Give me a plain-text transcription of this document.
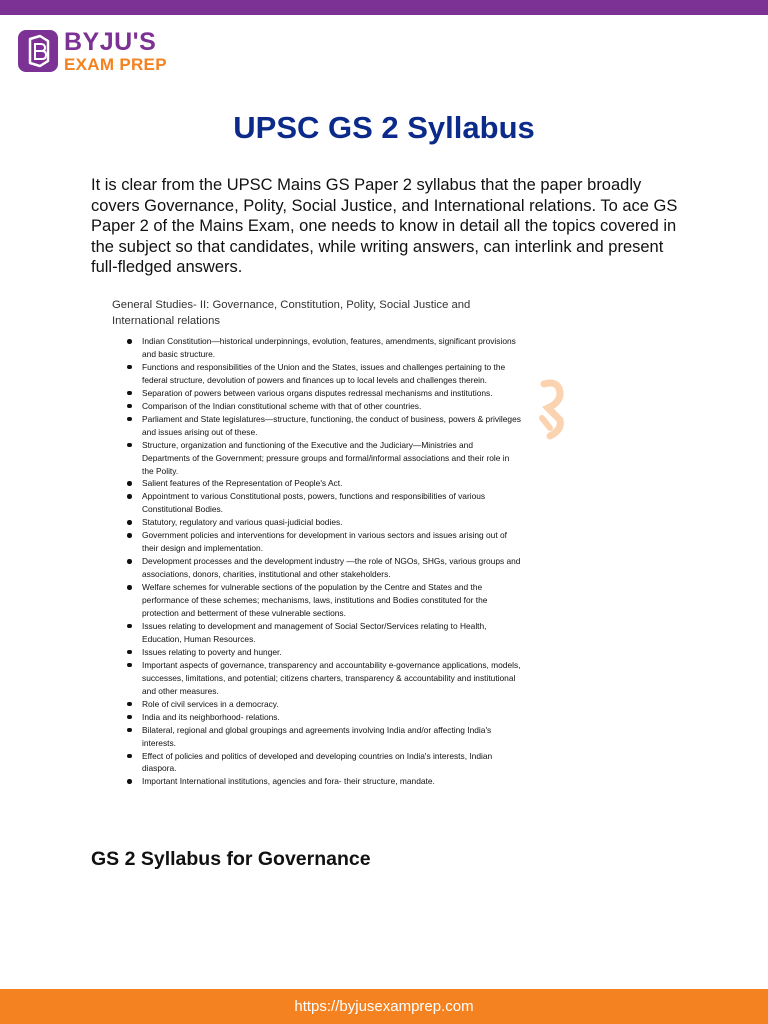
BYJU'S
EXAM PREP
UPSC GS 2 Syllabus

It is clear from the UPSC Mains GS Paper 2 syllabus that the paper broadly covers Governance, Polity, Social Justice, and International relations. To ace GS Paper 2 of the Mains Exam, one needs to know in detail all the topics covered in the subject so that candidates, while writing answers, can interlink and present full-fledged answers.

General Studies- II: Governance, Constitution, Polity, Social Justice and International relations
Indian Constitution—historical underpinnings, evolution, features, amendments, significant provisions and basic structure.
Functions and responsibilities of the Union and the States, issues and challenges pertaining to the federal structure, devolution of powers and finances up to local levels and challenges therein.
Separation of powers between various organs disputes redressal mechanisms and institutions.
Comparison of the Indian constitutional scheme with that of other countries.
Parliament and State legislatures—structure, functioning, the conduct of business, powers & privileges and issues arising out of these.
Structure, organization and functioning of the Executive and the Judiciary—Ministries and Departments of the Government; pressure groups and formal/informal associations and their role in the Polity.
Salient features of the Representation of People's Act.
Appointment to various Constitutional posts, powers, functions and responsibilities of various Constitutional Bodies.
Statutory, regulatory and various quasi-judicial bodies.
Government policies and interventions for development in various sectors and issues arising out of their design and implementation.
Development processes and the development industry —the role of NGOs, SHGs, various groups and associations, donors, charities, institutional and other stakeholders.
Welfare schemes for vulnerable sections of the population by the Centre and States and the performance of these schemes; mechanisms, laws, institutions and Bodies constituted for the protection and betterment of these vulnerable sections.
Issues relating to development and management of Social Sector/Services relating to Health, Education, Human Resources.
Issues relating to poverty and hunger.
Important aspects of governance, transparency and accountability e-governance applications, models, successes, limitations, and potential; citizens charters, transparency & accountability and institutional and other measures.
Role of civil services in a democracy.
India and its neighborhood- relations.
Bilateral, regional and global groupings and agreements involving India and/or affecting India's interests.
Effect of policies and politics of developed and developing countries on India's interests, Indian diaspora.
Important International institutions, agencies and fora- their structure, mandate.
GS 2 Syllabus for Governance
https://byjusexamprep.com
